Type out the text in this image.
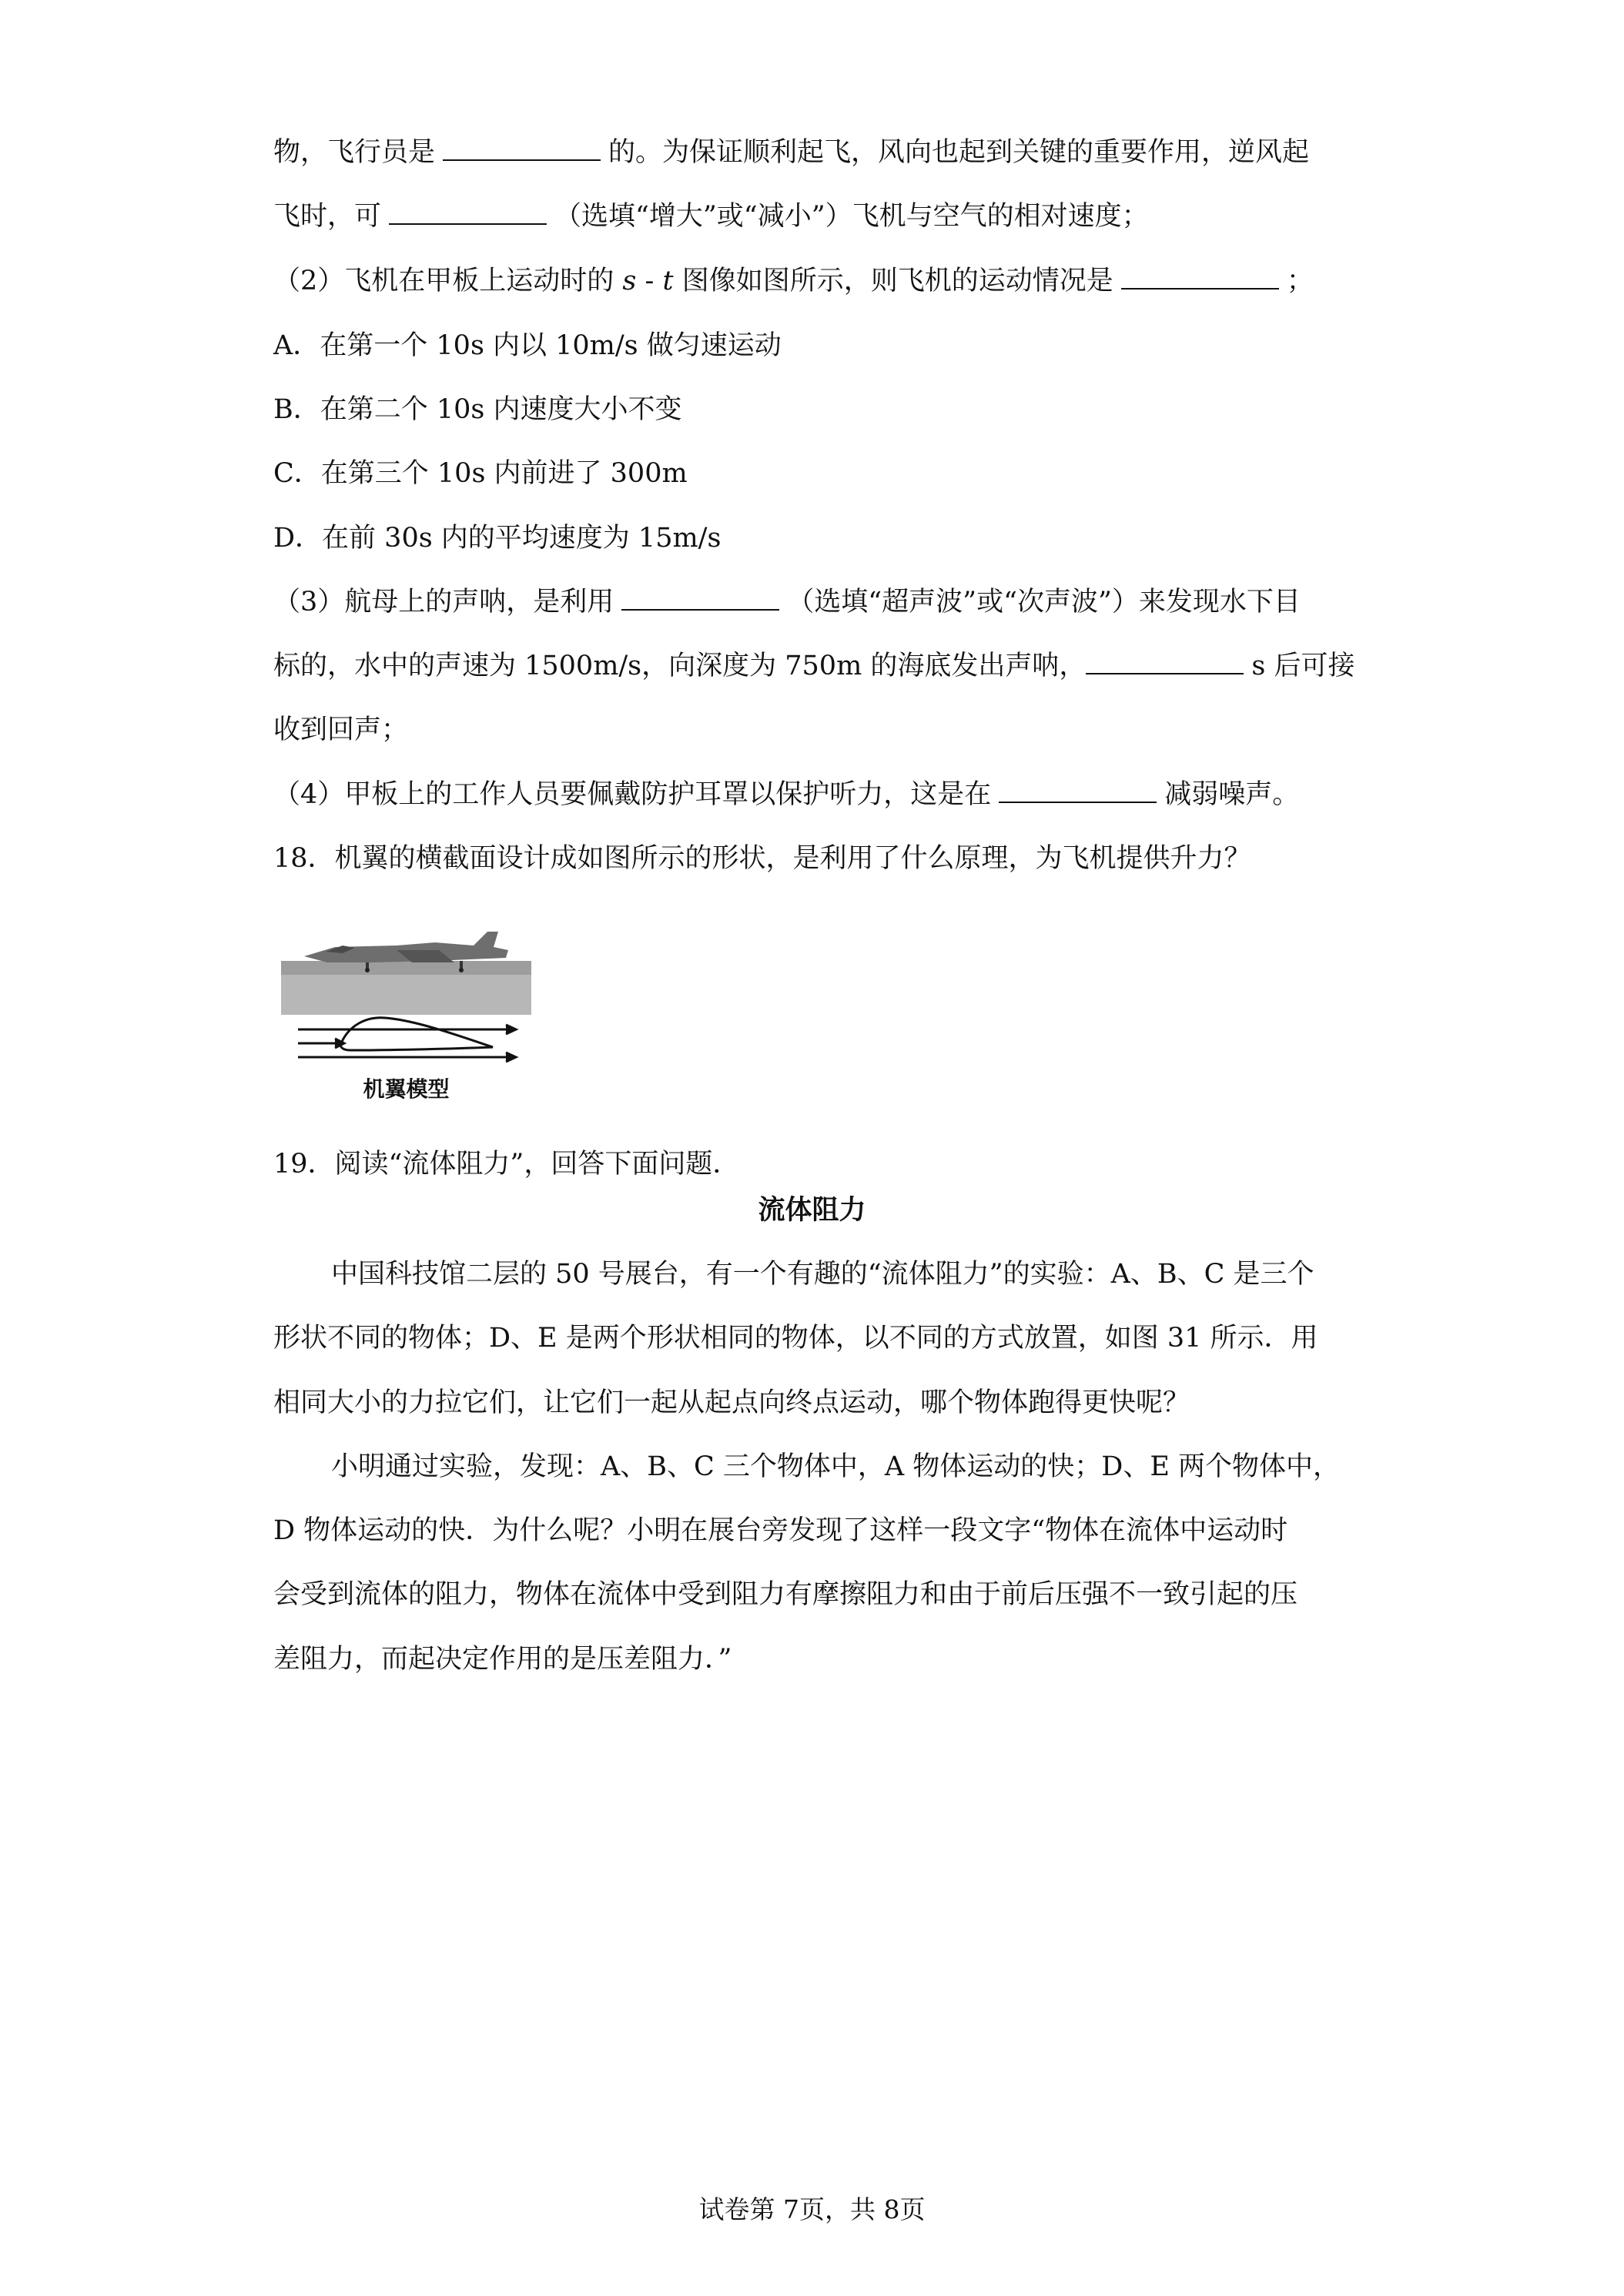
物，飞行员是	的。为保证顺利起飞，风向也起到关键的重要作用，逆风起
飞时，可	（选填“增大”或“减小”）飞机与空气的相对速度；
（2）飞机在甲板上运动时的 s - t 图像如图所示，则飞机的运动情况是	；
A．在第一个 10s 内以 10m/s 做匀速运动
B．在第二个 10s 内速度大小不变
C．在第三个 10s 内前进了 300m
D．在前 30s 内的平均速度为 15m/s
（3）航母上的声呐，是利用	（选填“超声波”或“次声波”）来发现水下目
标的，水中的声速为 1500m/s，向深度为 750m 的海底发出声呐，	s 后可接
收到回声；
（4）甲板上的工作人员要佩戴防护耳罩以保护听力，这是在	减弱噪声。
18．机翼的横截面设计成如图所示的形状，是利用了什么原理，为飞机提供升力？
机翼模型
19．阅读“流体阻力”，回答下面问题．
流体阻力
中国科技馆二层的 50 号展台，有一个有趣的“流体阻力”的实验：A、B、C 是三个
形状不同的物体；D、E 是两个形状相同的物体，以不同的方式放置，如图 31 所示．用
相同大小的力拉它们，让它们一起从起点向终点运动，哪个物体跑得更快呢？
小明通过实验，发现：A、B、C 三个物体中，A 物体运动的快；D、E 两个物体中，
D 物体运动的快．为什么呢？小明在展台旁发现了这样一段文字“物体在流体中运动时
会受到流体的阻力，物体在流体中受到阻力有摩擦阻力和由于前后压强不一致引起的压
差阻力，而起决定作用的是压差阻力．”
试卷第 7页，共 8页
